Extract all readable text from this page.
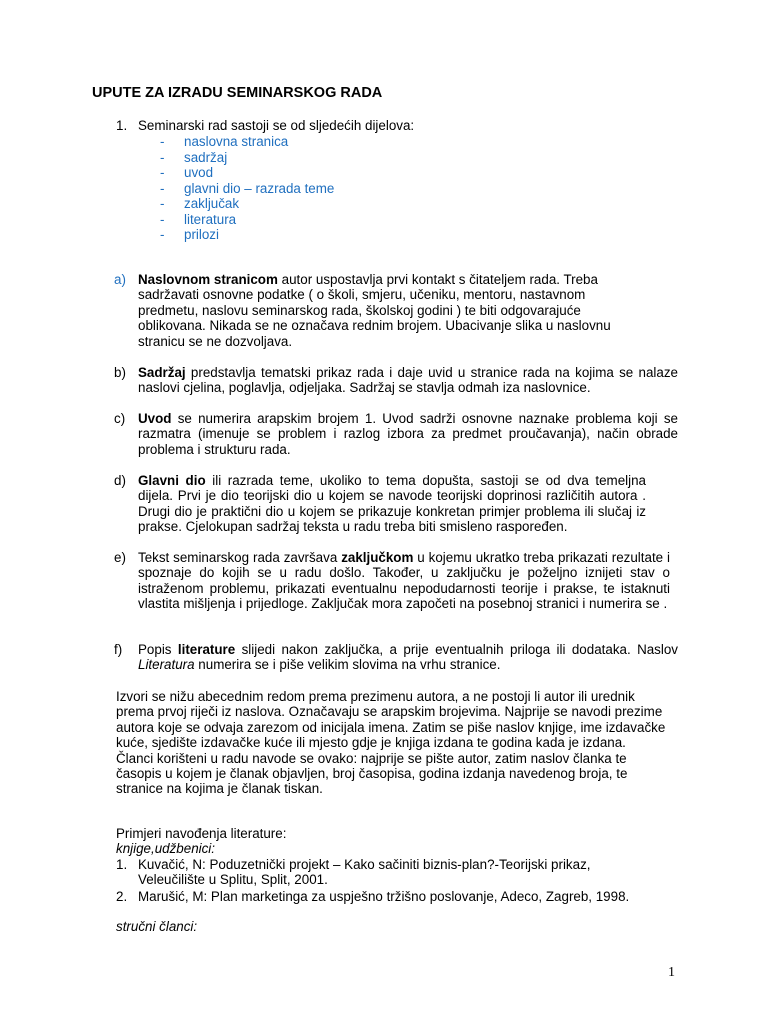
UPUTE ZA IZRADU SEMINARSKOG RADA
1. Seminarski rad sastoji se od sljedećih dijelova:
- naslovna stranica
- sadržaj
- uvod
- glavni dio – razrada teme
- zaključak
- literatura
- prilozi
a) Naslovnom stranicom autor uspostavlja prvi kontakt s čitateljem rada. Treba sadržavati osnovne podatke ( o školi, smjeru, učeniku, mentoru, nastavnom predmetu, naslovu seminarskog rada, školskoj godini ) te biti odgovarajuće oblikovana. Nikada se ne označava rednim brojem. Ubacivanje slika u naslovnu stranicu se ne dozvoljava.
b) Sadržaj predstavlja tematski prikaz rada i daje uvid u stranice rada na kojima se nalaze naslovi cjelina, poglavlja, odjeljaka. Sadržaj se stavlja odmah iza naslovnice.
c) Uvod se numerira arapskim brojem 1. Uvod sadrži osnovne naznake problema koji se razmatra (imenuje se problem i razlog izbora za predmet proučavanja), način obrade problema i strukturu rada.
d) Glavni dio ili razrada teme, ukoliko to tema dopušta, sastoji se od dva temeljna dijela. Prvi je dio teorijski dio u kojem se navode teorijski doprinosi različitih autora . Drugi dio je praktični dio u kojem se prikazuje konkretan primjer problema ili slučaj iz prakse. Cjelokupan sadržaj teksta u radu treba biti smisleno raspoređen.
e) Tekst seminarskog rada završava zaključkom u kojemu ukratko treba prikazati rezultate i spoznaje do kojih se u radu došlo. Također, u zaključku je poželjno iznijeti stav o istraženom problemu, prikazati eventualnu nepodudarnosti teorije i prakse, te istaknuti vlastita mišljenja i prijedloge. Zaključak mora započeti na posebnoj stranici i numerira se .
f) Popis literature slijedi nakon zaključka, a prije eventualnih priloga ili dodataka. Naslov Literatura numerira se i piše velikim slovima na vrhu stranice.

Izvori se nižu abecednim redom prema prezimenu autora, a ne postoji li autor ili urednik prema prvoj riječi iz naslova. Označavaju se arapskim brojevima. Najprije se navodi prezime autora koje se odvaja zarezom od inicijala imena. Zatim se piše naslov knjige, ime izdavačke kuće, sjedište izdavačke kuće ili mjesto gdje je knjiga izdana te godina kada je izdana.

Članci korišteni u radu navode se ovako: najprije se pište autor, zatim naslov članka te časopis u kojem je članak objavljen, broj časopisa, godina izdanja navedenog broja, te stranice na kojima je članak tiskan.

Primjeri navođenja literature:

knjige,udžbenici:

1. Kuvačić, N: Poduzetnički projekt – Kako sačiniti biznis-plan?-Teorijski prikaz, Veleučilište u Splitu, Split, 2001.
2. Marušić, M: Plan marketinga za uspješno tržišno poslovanje, Adeco, Zagreb, 1998.
stručni članci:
1
